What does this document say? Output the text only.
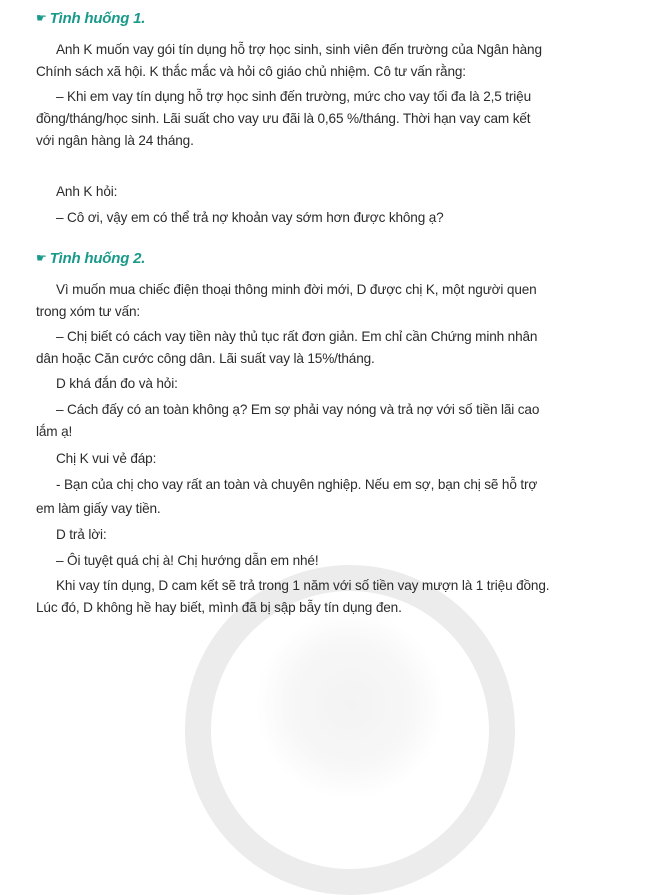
☛ Tình huống 1.
Anh K muốn vay gói tín dụng hỗ trợ học sinh, sinh viên đến trường của Ngân hàng
Chính sách xã hội. K thắc mắc và hỏi cô giáo chủ nhiệm. Cô tư vấn rằng:
– Khi em vay tín dụng hỗ trợ học sinh đến trường, mức cho vay tối đa là 2,5 triệu
đồng/tháng/học sinh. Lãi suất cho vay ưu đãi là 0,65 %/tháng. Thời hạn vay cam kết
với ngân hàng là 24 tháng.
Anh K hỏi:
– Cô ơi, vậy em có thể trả nợ khoản vay sớm hơn được không ạ?
☛ Tình huống 2.
Vì muốn mua chiếc điện thoại thông minh đời mới, D được chị K, một người quen
trong xóm tư vấn:
– Chị biết có cách vay tiền này thủ tục rất đơn giản. Em chỉ cần Chứng minh nhân
dân hoặc Căn cước công dân. Lãi suất vay là 15%/tháng.
D khá đắn đo và hỏi:
– Cách đấy có an toàn không ạ? Em sợ phải vay nóng và trả nợ với số tiền lãi cao
lắm ạ!
Chị K vui vẻ đáp:
- Bạn của chị cho vay rất an toàn và chuyên nghiệp. Nếu em sợ, bạn chị sẽ hỗ trợ
em làm giấy vay tiền.
D trả lời:
– Ôi tuyệt quá chị à! Chị hướng dẫn em nhé!
Khi vay tín dụng, D cam kết sẽ trả trong 1 năm với số tiền vay mượn là 1 triệu đồng.
Lúc đó, D không hề hay biết, mình đã bị sập bẫy tín dụng đen.
